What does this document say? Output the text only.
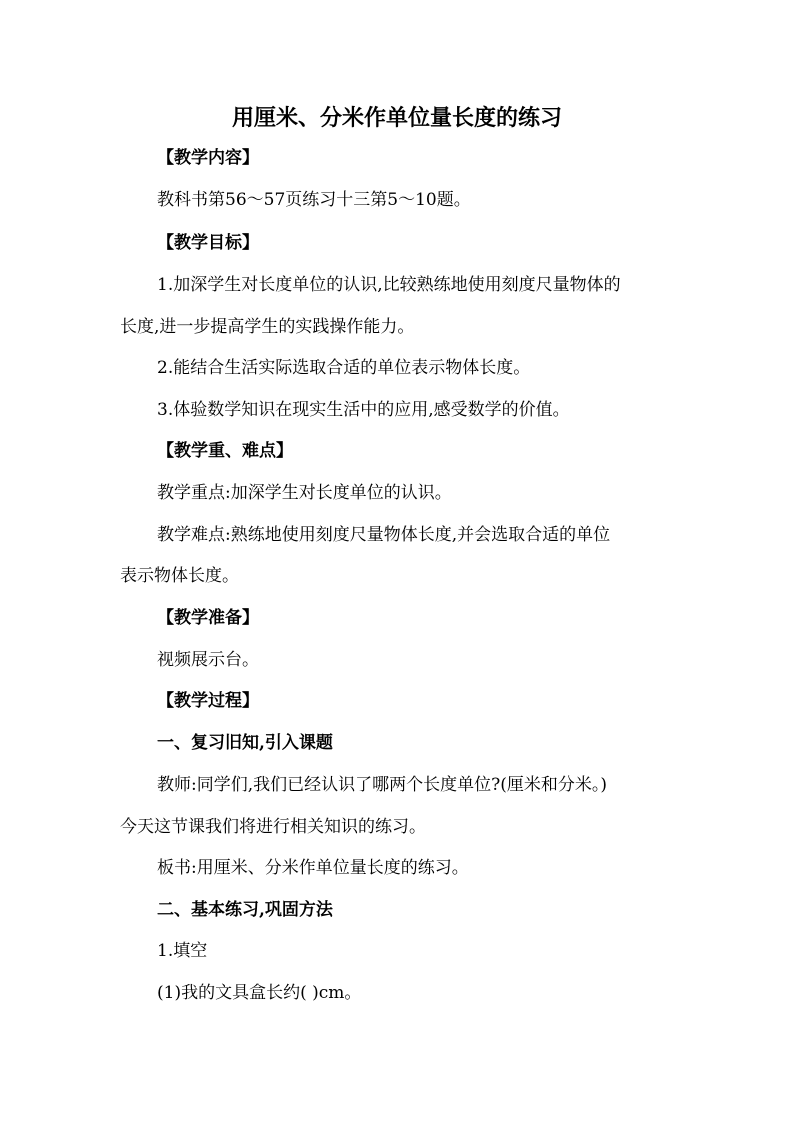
用厘米、分米作单位量长度的练习
【教学内容】
教科书第56～57页练习十三第5～10题。
【教学目标】
1.加深学生对长度单位的认识,比较熟练地使用刻度尺量物体的
长度,进一步提高学生的实践操作能力。
2.能结合生活实际选取合适的单位表示物体长度。
3.体验数学知识在现实生活中的应用,感受数学的价值。
【教学重、难点】
教学重点:加深学生对长度单位的认识。
教学难点:熟练地使用刻度尺量物体长度,并会选取合适的单位
表示物体长度。
【教学准备】
视频展示台。
【教学过程】
一、复习旧知,引入课题
教师:同学们,我们已经认识了哪两个长度单位?(厘米和分米。)
今天这节课我们将进行相关知识的练习。
板书:用厘米、分米作单位量长度的练习。
二、基本练习,巩固方法
1.填空
(1)我的文具盒长约( )cm。
